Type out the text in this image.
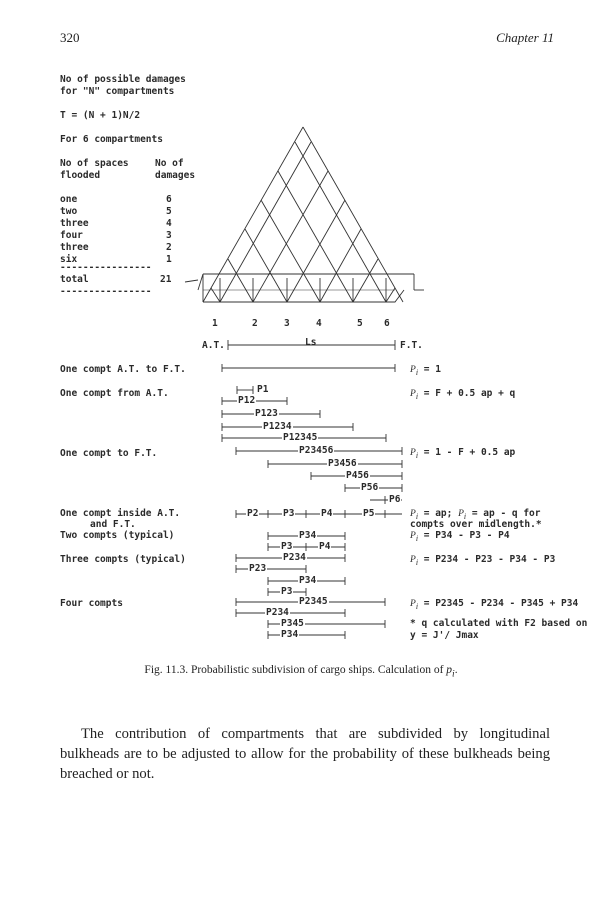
320	Chapter 11
No of possible damages
for "N" compartments
T = (N + 1)N/2
For 6 compartments
No of spaces
flooded
No of
damages
one	6
two	5
three	4
four	3
three	2
six	1
----------------
total	21
----------------
1	2	3	4	5 6
A.T.	Ls	F.T.
One compt A.T. to F.T.
One compt from A.T.
One compt to F.T.
One compt inside A.T.
and F.T.
Two compts (typical)
Three compts (typical)
Four compts
P1
P12
P123
P1234
P12345
P23456
P3456
P456
P56
P6
P2	P3	P4	P5
P34
P3	P4
P234
P23
P34
P3
P2345
P234
P345
P34
$P_i = 1$
$P_i = F + 0.5$ ap + q
$P_i = 1 - F + 0.5$ ap
$P_i$ = ap; $P_i$ = ap - q for
compts over midlength.*
$P_i = P34 - P3 - P4$
$P_i = P234 - P23 - P34 - P3$
$P_i = P2345 - P234 - P345 + P34$
* q calculated with F2 based on
y = J'/ Jmax
Fig. 11.3. Probabilistic subdivision of cargo ships. Calculation of $p_i$.
The contribution of compartments that are subdivided by longitudinal bulkheads are to be adjusted to allow for the probability of these bulkheads being breached or not.
